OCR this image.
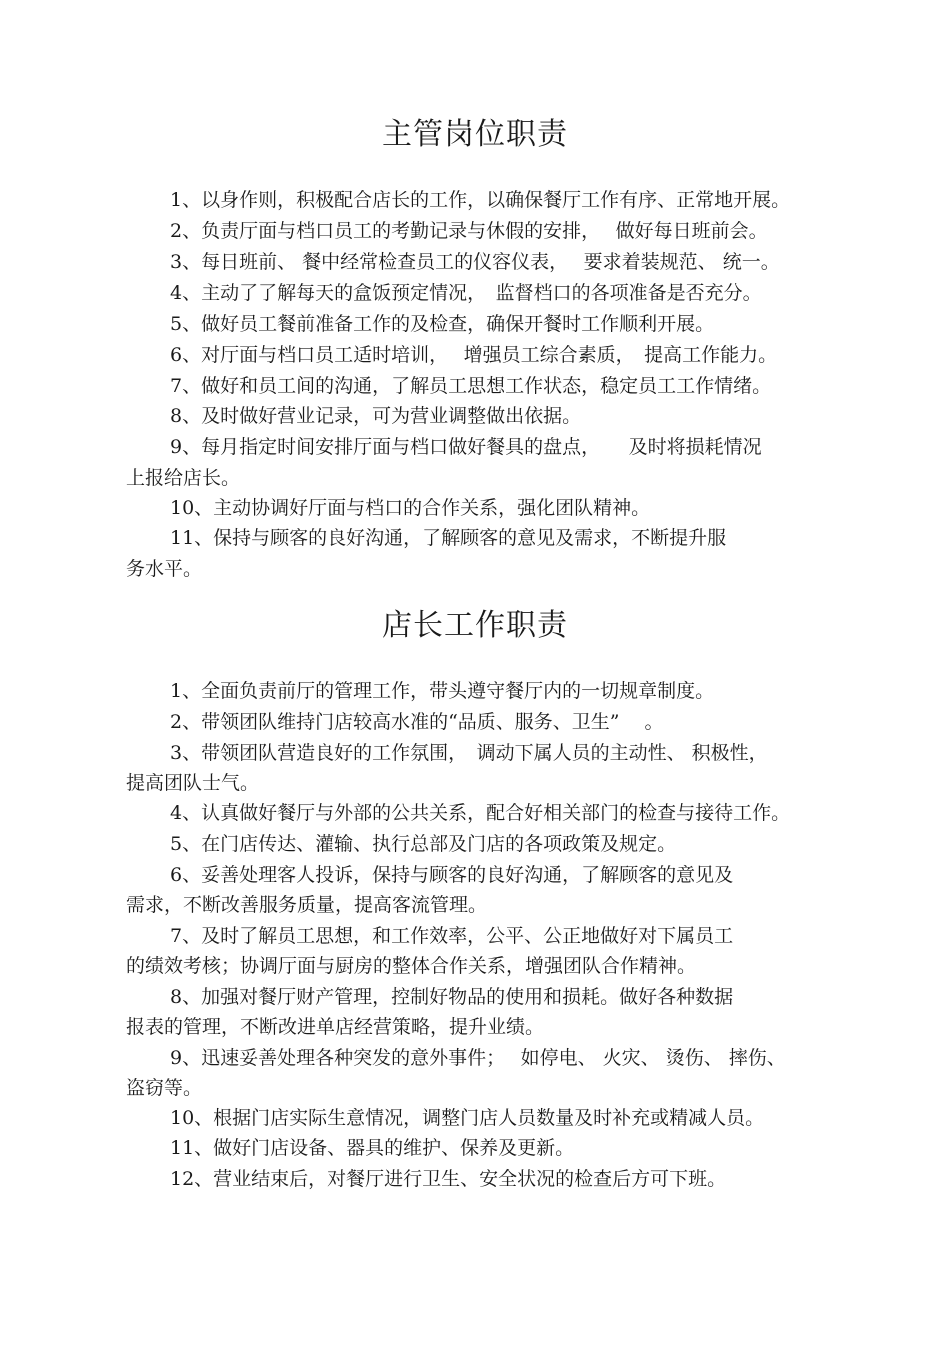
主管岗位职责
1、以身作则，积极配合店长的工作，以确保餐厅工作有序、正常地开展。
2、负责厅面与档口员工的考勤记录与休假的安排，　 做好每日班前会。
3、每日班前、 餐中经常检查员工的仪容仪表，　 要求着装规范、 统一。
4、主动了了解每天的盒饭预定情况，　监督档口的各项准备是否充分。
5、做好员工餐前准备工作的及检查，确保开餐时工作顺利开展。
6、对厅面与档口员工适时培训，　 增强员工综合素质，　提高工作能力。
7、做好和员工间的沟通，了解员工思想工作状态，稳定员工工作情绪。
8、及时做好营业记录，可为营业调整做出依据。
9、每月指定时间安排厅面与档口做好餐具的盘点，　　及时将损耗情况
上报给店长。
10、主动协调好厅面与档口的合作关系，强化团队精神。
11、保持与顾客的良好沟通，了解顾客的意见及需求，不断提升服
务水平。
店长工作职责
1、全面负责前厅的管理工作，带头遵守餐厅内的一切规章制度。
2、带领团队维持门店较高水准的“品质、服务、卫生”　 。
3、带领团队营造良好的工作氛围，　调动下属人员的主动性、 积极性，
提高团队士气。
4、认真做好餐厅与外部的公共关系，配合好相关部门的检查与接待工作。
5、在门店传达、灌输、执行总部及门店的各项政策及规定。
6、妥善处理客人投诉，保持与顾客的良好沟通，了解顾客的意见及
需求，不断改善服务质量，提高客流管理。
7、及时了解员工思想，和工作效率，公平、公正地做好对下属员工
的绩效考核；协调厅面与厨房的整体合作关系，增强团队合作精神。
8、加强对餐厅财产管理，控制好物品的使用和损耗。做好各种数据
报表的管理，不断改进单店经营策略，提升业绩。
9、迅速妥善处理各种突发的意外事件；　 如停电、 火灾、 烫伤、 摔伤、
盗窃等。
10、根据门店实际生意情况，调整门店人员数量及时补充或精减人员。
11、做好门店设备、器具的维护、保养及更新。
12、营业结束后，对餐厅进行卫生、安全状况的检查后方可下班。
